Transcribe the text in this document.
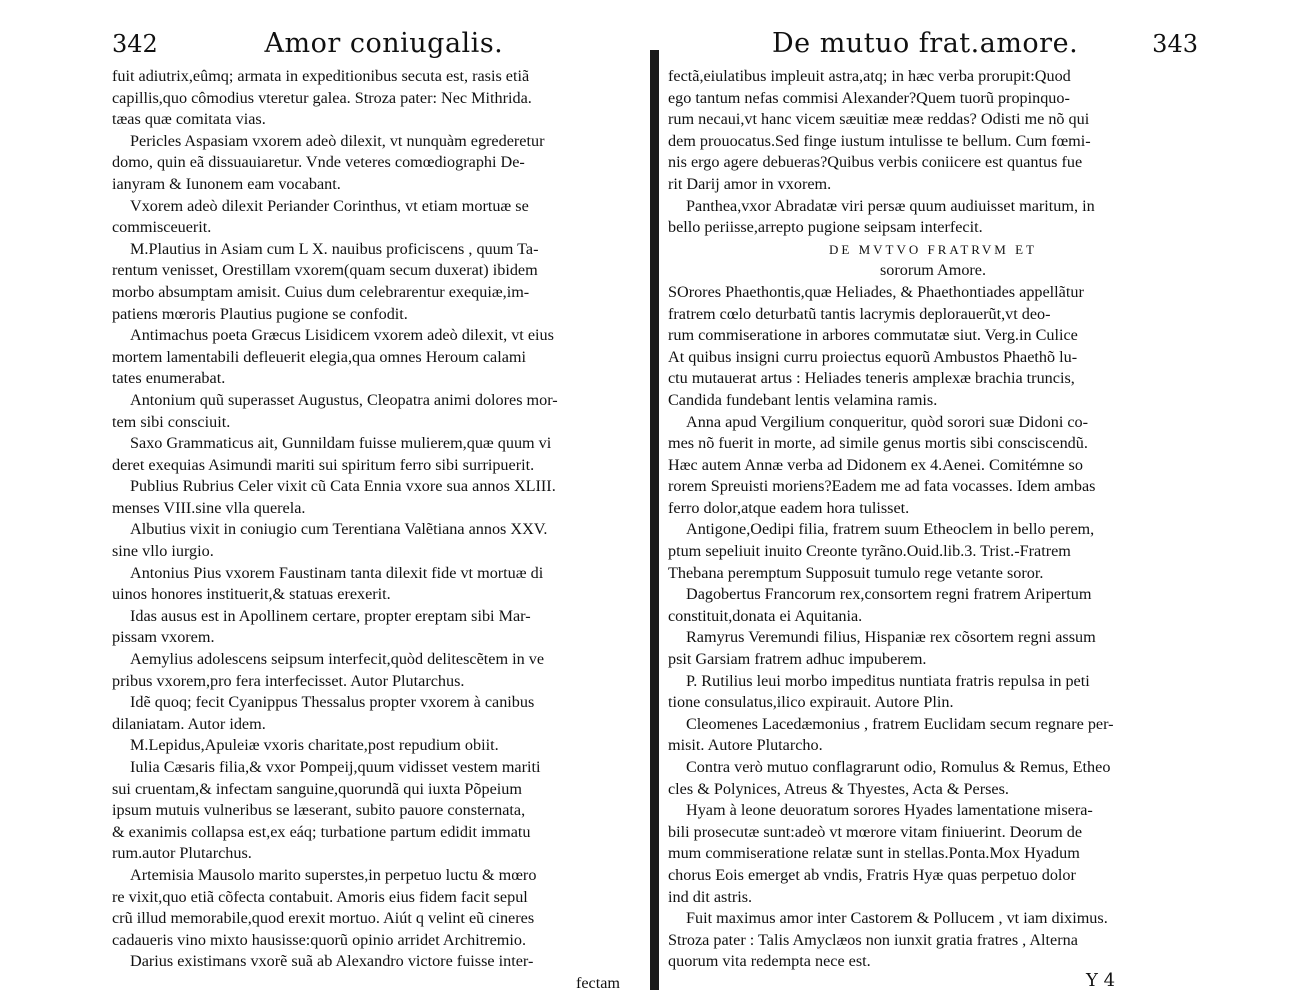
342	Amor coniugalis.
fuit adiutrix,eûmq; armata in expeditionibus secuta est, rasis etiã
capillis,quo cômodius vteretur galea. Stroza pater: Nec Mithrida.
tæas quæ comitata vias.
Pericles Aspasiam vxorem adeò dilexit, vt nunquàm egrederetur
domo, quin eã dissuauiaretur. Vnde veteres comœdiographi De-
ianyram & Iunonem eam vocabant.
Vxorem adeò dilexit Periander Corinthus, vt etiam mortuæ se
commisceuerit.
M.Plautius in Asiam cum L X. nauibus proficiscens , quum Ta-
rentum venisset, Orestillam vxorem(quam secum duxerat) ibidem
morbo absumptam amisit. Cuius dum celebrarentur exequiæ,im-
patiens mœroris Plautius pugione se confodit.
Antimachus poeta Græcus Lisidicem vxorem adeò dilexit, vt eius
mortem lamentabili defleuerit elegia,qua omnes Heroum calami
tates enumerabat.
Antonium quũ superasset Augustus, Cleopatra animi dolores mor-
tem sibi consciuit.
Saxo Grammaticus ait, Gunnildam fuisse mulierem,quæ quum vi
deret exequias Asimundi mariti sui spiritum ferro sibi surripuerit.
Publius Rubrius Celer vixit cũ Cata Ennia vxore sua annos XLIII.
menses VIII.sine vlla querela.
Albutius vixit in coniugio cum Terentiana Valẽtiana annos XXV.
sine vllo iurgio.
Antonius Pius vxorem Faustinam tanta dilexit fide vt mortuæ di
uinos honores instituerit,& statuas erexerit.
Idas ausus est in Apollinem certare, propter ereptam sibi Mar-
pissam vxorem.
Aemylius adolescens seipsum interfecit,quòd delitescẽtem in ve
pribus vxorem,pro fera interfecisset. Autor Plutarchus.
Idẽ quoq; fecit Cyanippus Thessalus propter vxorem à canibus
dilaniatam. Autor idem.
M.Lepidus,Apuleiæ vxoris charitate,post repudium obiit.
Iulia Cæsaris filia,& vxor Pompeij,quum vidisset vestem mariti
sui cruentam,& infectam sanguine,quorundã qui iuxta Põpeium
ipsum mutuis vulneribus se læserant, subito pauore consternata,
& exanimis collapsa est,ex eáq; turbatione partum edidit immatu
rum.autor Plutarchus.
Artemisia Mausolo marito superstes,in perpetuo luctu & mœro
re vixit,quo etiã cõfecta contabuit. Amoris eius fidem facit sepul
crũ illud memorabile,quod erexit mortuo. Aiút q velint eũ cineres
cadaueris vino mixto hausisse:quorũ opinio arridet Architremio.
Darius existimans vxorẽ suã ab Alexandro victore fuisse inter-
fectam
De mutuo frat.amore.	343
fectã,eiulatibus impleuit astra,atq; in hæc verba prorupit:Quod
ego tantum nefas commisi Alexander?Quem tuorũ propinquo-
rum necaui,vt hanc vicem sæuitiæ meæ reddas? Odisti me nõ qui
dem prouocatus.Sed finge iustum intulisse te bellum. Cum fœmi-
nis ergo agere debueras?Quibus verbis coniicere est quantus fue
rit Darij amor in vxorem.
Panthea,vxor Abradatæ viri persæ quum audiuisset maritum, in
bello periisse,arrepto pugione seipsam interfecit.
DE MVTVO FRATRVM ET
sororum Amore.
SOrores Phaethontis,quæ Heliades, & Phaethontiades appellãtur
fratrem cœlo deturbatũ tantis lacrymis deplorauerũt,vt deo-
rum commiseratione in arbores commutatæ siut. Verg.in Culice
At quibus insigni curru proiectus equorũ Ambustos Phaethõ lu-
ctu mutauerat artus : Heliades teneris amplexæ brachia truncis,
Candida fundebant lentis velamina ramis.
Anna apud Vergilium conqueritur, quòd sorori suæ Didoni co-
mes nõ fuerit in morte, ad simile genus mortis sibi consciscendũ.
Hæc autem Annæ verba ad Didonem ex 4.Aenei. Comitémne so
rorem Spreuisti moriens?Eadem me ad fata vocasses. Idem ambas
ferro dolor,atque eadem hora tulisset.
Antigone,Oedipi filia, fratrem suum Etheoclem in bello perem,
ptum sepeliuit inuito Creonte tyrãno.Ouid.lib.3. Trist.-Fratrem
Thebana peremptum Supposuit tumulo rege vetante soror.
Dagobertus Francorum rex,consortem regni fratrem Aripertum
constituit,donata ei Aquitania.
Ramyrus Veremundi filius, Hispaniæ rex cõsortem regni assum
psit Garsiam fratrem adhuc impuberem.
P. Rutilius leui morbo impeditus nuntiata fratris repulsa in peti
tione consulatus,ilico expirauit. Autore Plin.
Cleomenes Lacedæmonius , fratrem Euclidam secum regnare per-
misit. Autore Plutarcho.
Contra verò mutuo conflagrarunt odio, Romulus & Remus, Etheo
cles & Polynices, Atreus & Thyestes, Acta & Perses.
Hyam à leone deuoratum sorores Hyades lamentatione misera-
bili prosecutæ sunt:adeò vt mœrore vitam finiuerint. Deorum de
mum commiseratione relatæ sunt in stellas.Ponta.Mox Hyadum
chorus Eois emerget ab vndis, Fratris Hyæ quas perpetuo dolor
ind dit astris.
Fuit maximus amor inter Castorem & Pollucem , vt iam diximus.
Stroza pater : Talis Amyclæos non iunxit gratia fratres , Alterna
quorum vita redempta nece est.
Y 4
